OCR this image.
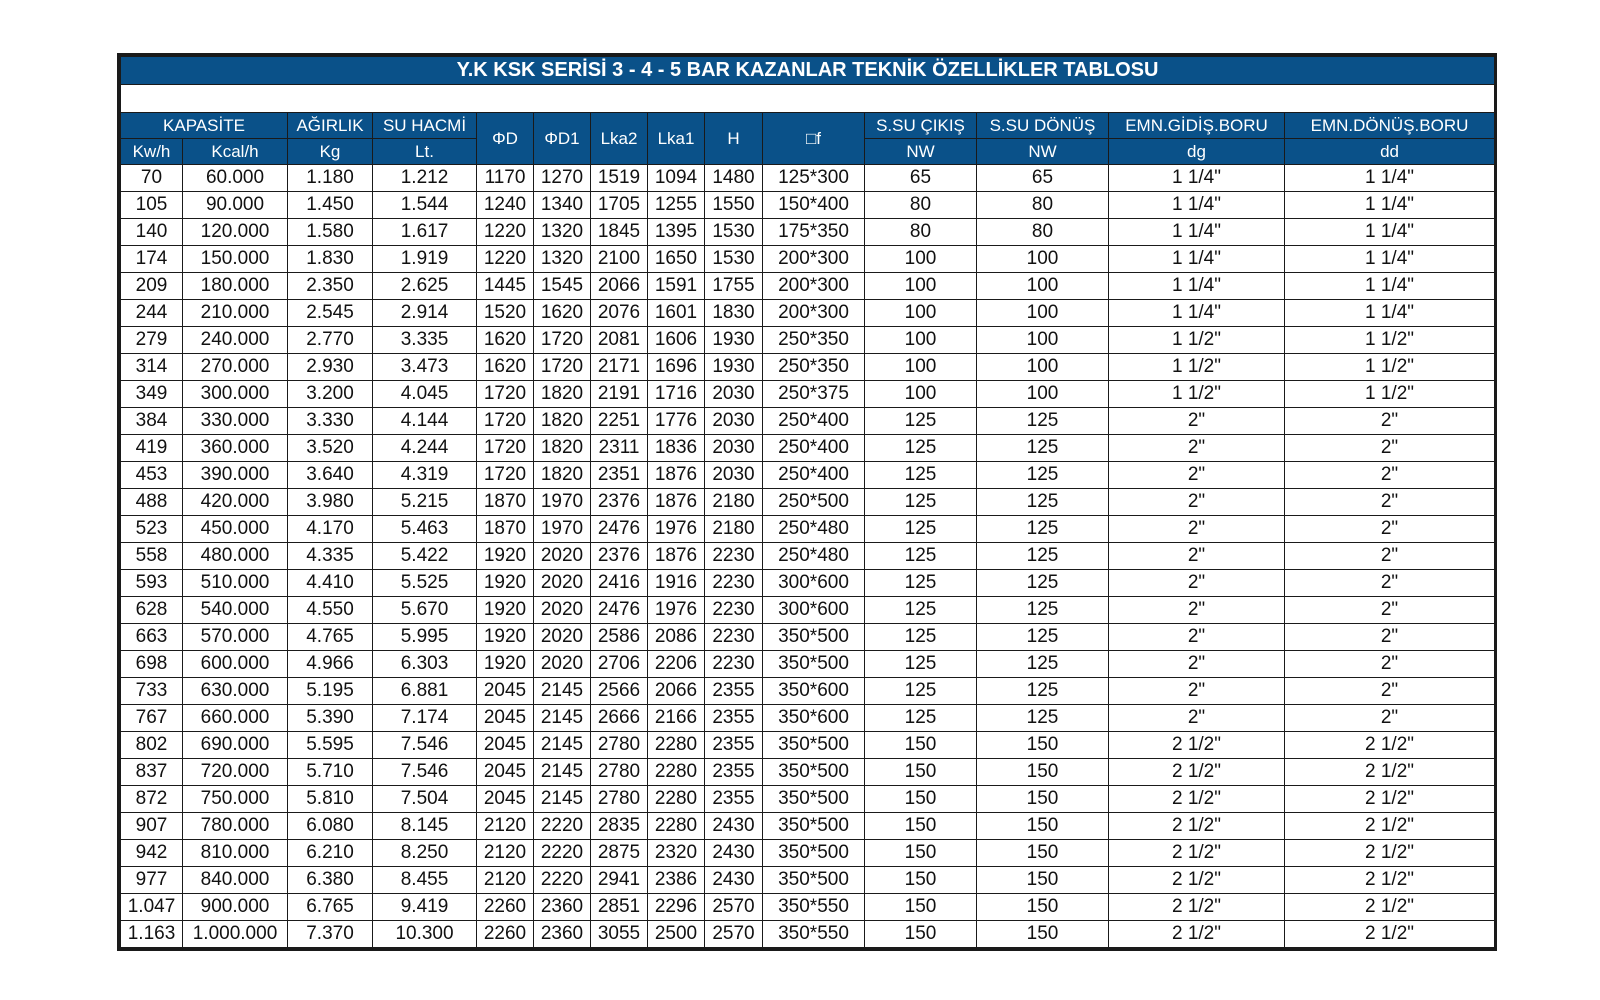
Y.K KSK SERİSİ 3 - 4 - 5 BAR KAZANLAR TEKNİK ÖZELLİKLER TABLOSU													

KAPASİTE		AĞIRLIK	SU HACMİ	ΦD	ΦD1	Lka2	Lka1	H	□f	S.SU ÇIKIŞ	S.SU DÖNÜŞ	EMN.GİDİŞ.BORU	EMN.DÖNÜŞ.BORU
Kw/h	Kcal/h	Kg	Lt.							NW	NW	dg	dd
70	60.000	1.180	1.212	1170	1270	1519	1094	1480	125*300	65	65	1 1/4"	1 1/4"
105	90.000	1.450	1.544	1240	1340	1705	1255	1550	150*400	80	80	1 1/4"	1 1/4"
140	120.000	1.580	1.617	1220	1320	1845	1395	1530	175*350	80	80	1 1/4"	1 1/4"
174	150.000	1.830	1.919	1220	1320	2100	1650	1530	200*300	100	100	1 1/4"	1 1/4"
209	180.000	2.350	2.625	1445	1545	2066	1591	1755	200*300	100	100	1 1/4"	1 1/4"
244	210.000	2.545	2.914	1520	1620	2076	1601	1830	200*300	100	100	1 1/4"	1 1/4"
279	240.000	2.770	3.335	1620	1720	2081	1606	1930	250*350	100	100	1 1/2"	1 1/2"
314	270.000	2.930	3.473	1620	1720	2171	1696	1930	250*350	100	100	1 1/2"	1 1/2"
349	300.000	3.200	4.045	1720	1820	2191	1716	2030	250*375	100	100	1 1/2"	1 1/2"
384	330.000	3.330	4.144	1720	1820	2251	1776	2030	250*400	125	125	2"	2"
419	360.000	3.520	4.244	1720	1820	2311	1836	2030	250*400	125	125	2"	2"
453	390.000	3.640	4.319	1720	1820	2351	1876	2030	250*400	125	125	2"	2"
488	420.000	3.980	5.215	1870	1970	2376	1876	2180	250*500	125	125	2"	2"
523	450.000	4.170	5.463	1870	1970	2476	1976	2180	250*480	125	125	2"	2"
558	480.000	4.335	5.422	1920	2020	2376	1876	2230	250*480	125	125	2"	2"
593	510.000	4.410	5.525	1920	2020	2416	1916	2230	300*600	125	125	2"	2"
628	540.000	4.550	5.670	1920	2020	2476	1976	2230	300*600	125	125	2"	2"
663	570.000	4.765	5.995	1920	2020	2586	2086	2230	350*500	125	125	2"	2"
698	600.000	4.966	6.303	1920	2020	2706	2206	2230	350*500	125	125	2"	2"
733	630.000	5.195	6.881	2045	2145	2566	2066	2355	350*600	125	125	2"	2"
767	660.000	5.390	7.174	2045	2145	2666	2166	2355	350*600	125	125	2"	2"
802	690.000	5.595	7.546	2045	2145	2780	2280	2355	350*500	150	150	2 1/2"	2 1/2"
837	720.000	5.710	7.546	2045	2145	2780	2280	2355	350*500	150	150	2 1/2"	2 1/2"
872	750.000	5.810	7.504	2045	2145	2780	2280	2355	350*500	150	150	2 1/2"	2 1/2"
907	780.000	6.080	8.145	2120	2220	2835	2280	2430	350*500	150	150	2 1/2"	2 1/2"
942	810.000	6.210	8.250	2120	2220	2875	2320	2430	350*500	150	150	2 1/2"	2 1/2"
977	840.000	6.380	8.455	2120	2220	2941	2386	2430	350*500	150	150	2 1/2"	2 1/2"
1.047	900.000	6.765	9.419	2260	2360	2851	2296	2570	350*550	150	150	2 1/2"	2 1/2"
1.163	1.000.000	7.370	10.300	2260	2360	3055	2500	2570	350*550	150	150	2 1/2"	2 1/2"
